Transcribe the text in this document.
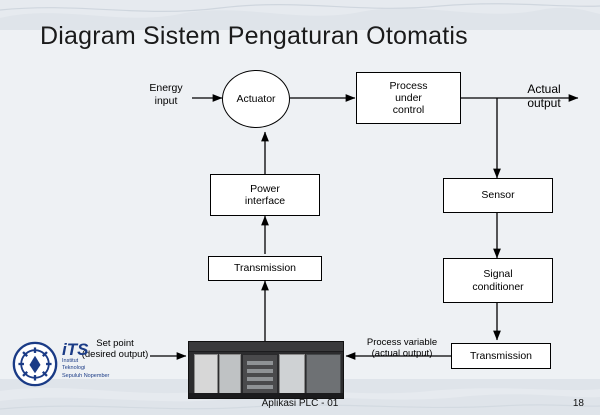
Diagram Sistem Pengaturan Otomatis
Actuator
Process
under
control
Power
interface
Transmission
Sensor
Signal
conditioner
Transmission
Energy
input
Actual
output
Set point
(desired output)
Process variable
(actual output)
iTS
Institut
Teknologi
Sepuluh Nopember
Aplikasi PLC - 01	18
